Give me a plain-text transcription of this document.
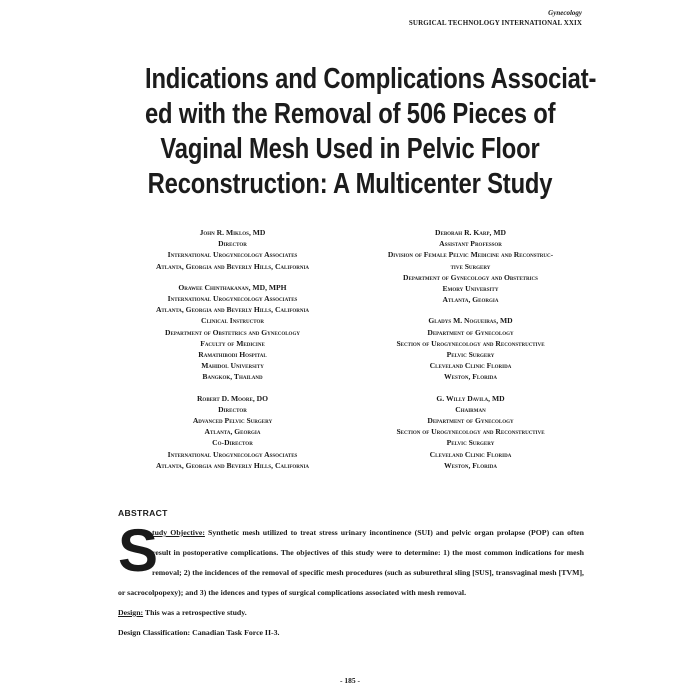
Gynecology
SURGICAL TECHNOLOGY INTERNATIONAL XXIX
Indications and Complications Associat-
ed with the Removal of 506 Pieces of
Vaginal Mesh Used in Pelvic Floor
Reconstruction: A Multicenter Study
John R. Miklos, MD
Director
International Urogynecology Associates
Atlanta, Georgia and Beverly Hills, California
Orawee Chinthakanan, MD, MPH
International Urogynecology Associates
Atlanta, Georgia and Beverly Hills, California
Clinical Instructor
Department of Obstetrics and Gynecology
Faculty of Medicine
Ramathibodi Hospital
Mahidol University
Bangkok, Thailand
Robert D. Moore, DO
Director
Advanced Pelvic Surgery
Atlanta, Georgia
Co-Director
International Urogynecology Associates
Atlanta, Georgia and Beverly Hills, California
Deborah R. Karp, MD
Assistant Professor
Division of Female Pelvic Medicine and Reconstruc-
tive Surgery
Department of Gynecology and Obstetrics
Emory University
Atlanta, Georgia
Gladys M. Nogueiras, MD
Department of Gynecology
Section of Urogynecology and Reconstructive
Pelvic Surgery
Cleveland Clinic Florida
Weston, Florida
G. Willy Davila, MD
Chairman
Department of Gynecology
Section of Urogynecology and Reconstructive
Pelvic Surgery
Cleveland Clinic Florida
Weston, Florida
ABSTRACT

S
tudy Objective: Synthetic mesh utilized to treat stress urinary incontinence (SUI) and pelvic organ prolapse (POP) can often result in postoperative complications. The objectives of this study were to determine: 1) the most common indications for mesh removal; 2) the incidences of the removal of specific mesh procedures (such as suburethral sling [SUS], transvaginal mesh [TVM], or sacrocolpopexy); and 3) the idences and types of surgical complications associated with mesh removal.

Design: This was a retrospective study.

Design Classification: Canadian Task Force II-3.

- 185 -
